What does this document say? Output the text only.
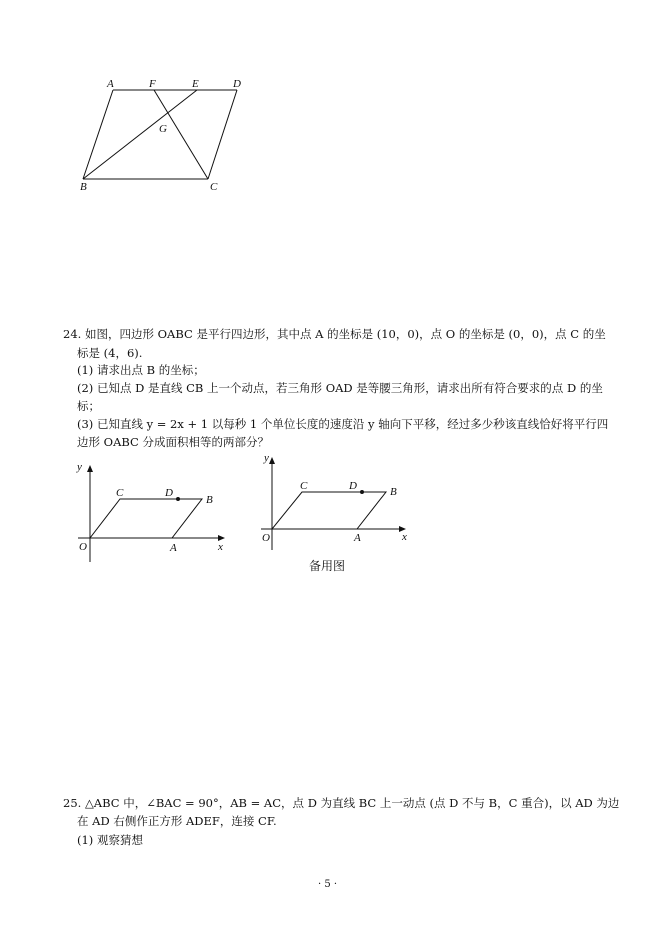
A	F	E	D
G
B	C
24. 如图，四边形 OABC 是平行四边形，其中点 A 的坐标是 (10，0)，点 O 的坐标是 (0，0)，点 C 的坐
标是 (4，6).
(1) 请求出点 B 的坐标；
(2) 已知点 D 是直线 CB 上一个动点，若三角形 OAD 是等腰三角形，请求出所有符合要求的点 D 的坐
标；
(3) 已知直线 y = 2x + 1 以每秒 1 个单位长度的速度沿 y 轴向下平移，经过多少秒该直线恰好将平行四
边形 OABC 分成面积相等的两部分？
y
x
O	A
C	D
B
y
x
O	A
C	D	B
备用图
25. △ABC 中，∠BAC = 90°，AB = AC，点 D 为直线 BC 上一动点 (点 D 不与 B，C 重合)，以 AD 为边
在 AD 右侧作正方形 ADEF，连接 CF.
(1) 观察猜想
· 5 ·
